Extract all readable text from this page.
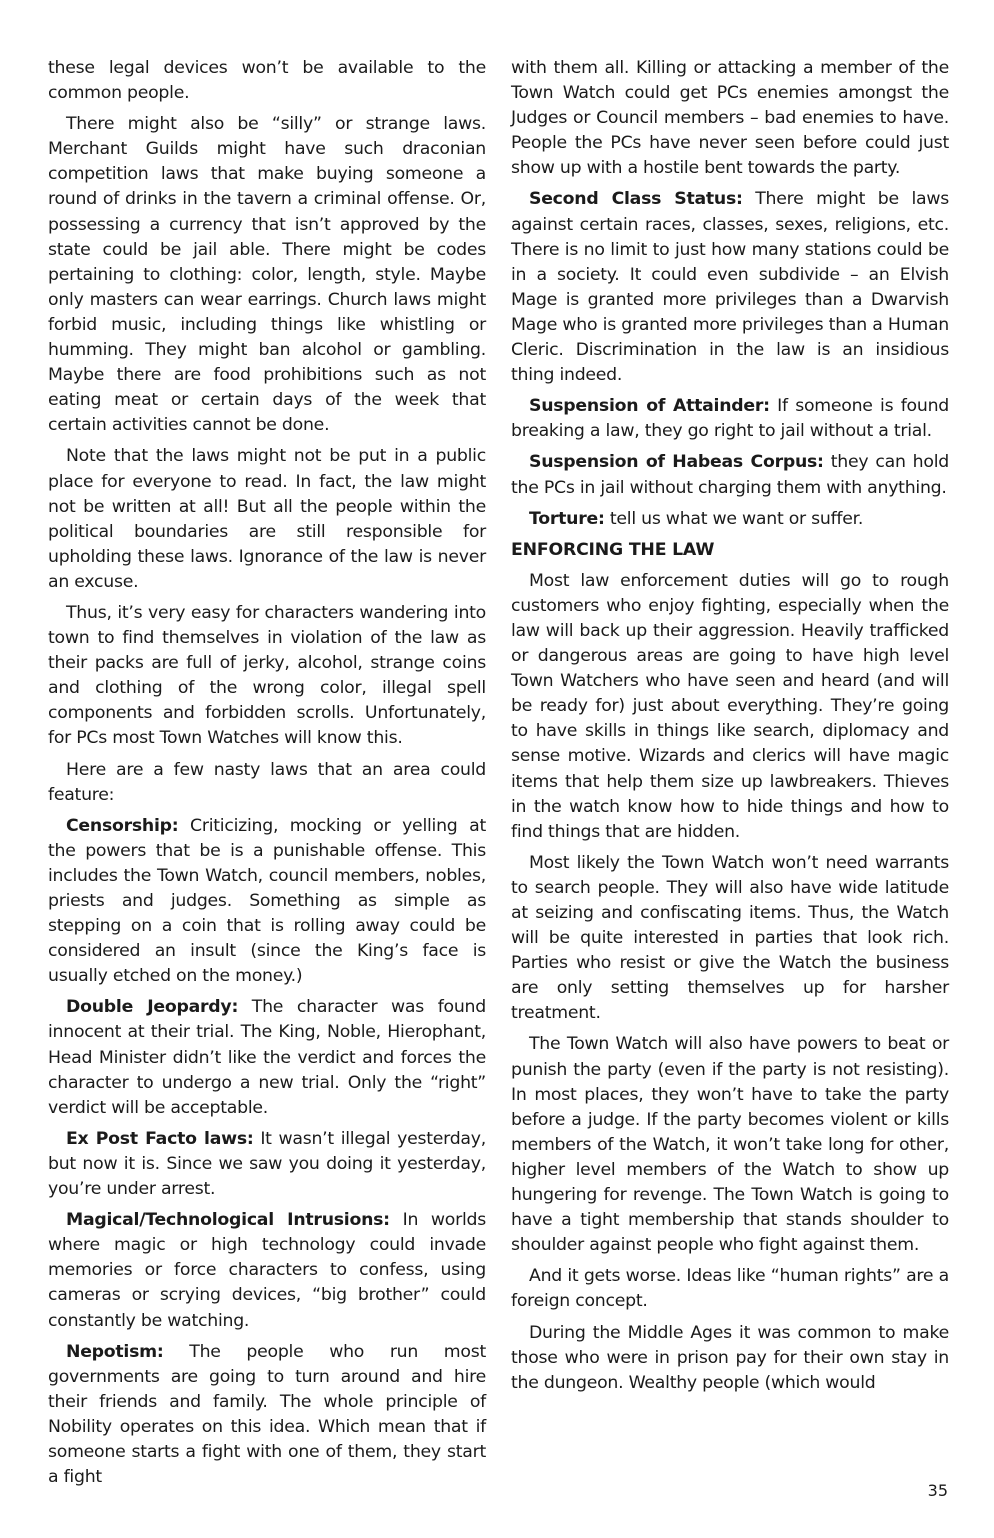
these legal devices won’t be available to the common people.

There might also be “silly” or strange laws. Merchant Guilds might have such draconian competition laws that make buying someone a round of drinks in the tavern a criminal offense. Or, possessing a currency that isn’t approved by the state could be jail able. There might be codes pertaining to clothing: color, length, style. Maybe only masters can wear earrings. Church laws might forbid music, including things like whistling or humming. They might ban alcohol or gambling. Maybe there are food prohibitions such as not eating meat or certain days of the week that certain activities cannot be done.

Note that the laws might not be put in a public place for everyone to read. In fact, the law might not be written at all! But all the people within the political boundaries are still responsible for upholding these laws. Ignorance of the law is never an excuse.

Thus, it’s very easy for characters wandering into town to find themselves in violation of the law as their packs are full of jerky, alcohol, strange coins and clothing of the wrong color, illegal spell components and forbidden scrolls. Unfortunately, for PCs most Town Watches will know this.

Here are a few nasty laws that an area could feature:

Censorship: Criticizing, mocking or yelling at the powers that be is a punishable offense. This includes the Town Watch, council members, nobles, priests and judges. Something as simple as stepping on a coin that is rolling away could be considered an insult (since the King’s face is usually etched on the money.)

Double Jeopardy: The character was found innocent at their trial. The King, Noble, Hierophant, Head Minister didn’t like the verdict and forces the character to undergo a new trial. Only the “right” verdict will be acceptable.

Ex Post Facto laws: It wasn’t illegal yesterday, but now it is. Since we saw you doing it yesterday, you’re under arrest.

Magical/Technological Intrusions: In worlds where magic or high technology could invade memories or force characters to confess, using cameras or scrying devices, “big brother” could constantly be watching.

Nepotism: The people who run most governments are going to turn around and hire their friends and family. The whole principle of Nobility operates on this idea. Which mean that if someone starts a fight with one of them, they start a fight

with them all. Killing or attacking a member of the Town Watch could get PCs enemies amongst the Judges or Council members – bad enemies to have. People the PCs have never seen before could just show up with a hostile bent towards the party.

Second Class Status: There might be laws against certain races, classes, sexes, religions, etc. There is no limit to just how many stations could be in a society. It could even subdivide – an Elvish Mage is granted more privileges than a Dwarvish Mage who is granted more privileges than a Human Cleric. Discrimination in the law is an insidious thing indeed.

Suspension of Attainder: If someone is found breaking a law, they go right to jail without a trial.

Suspension of Habeas Corpus: they can hold the PCs in jail without charging them with anything.

Torture: tell us what we want or suffer.

ENFORCING THE LAW

Most law enforcement duties will go to rough customers who enjoy fighting, especially when the law will back up their aggression. Heavily trafficked or dangerous areas are going to have high level Town Watchers who have seen and heard (and will be ready for) just about everything. They’re going to have skills in things like search, diplomacy and sense motive. Wizards and clerics will have magic items that help them size up lawbreakers. Thieves in the watch know how to hide things and how to find things that are hidden.

Most likely the Town Watch won’t need warrants to search people. They will also have wide latitude at seizing and confiscating items. Thus, the Watch will be quite interested in parties that look rich. Parties who resist or give the Watch the business are only setting themselves up for harsher treatment.

The Town Watch will also have powers to beat or punish the party (even if the party is not resisting). In most places, they won’t have to take the party before a judge. If the party becomes violent or kills members of the Watch, it won’t take long for other, higher level members of the Watch to show up hungering for revenge. The Town Watch is going to have a tight membership that stands shoulder to shoulder against people who fight against them.

And it gets worse. Ideas like “human rights” are a foreign concept.

During the Middle Ages it was common to make those who were in prison pay for their own stay in the dungeon. Wealthy people (which would

35
